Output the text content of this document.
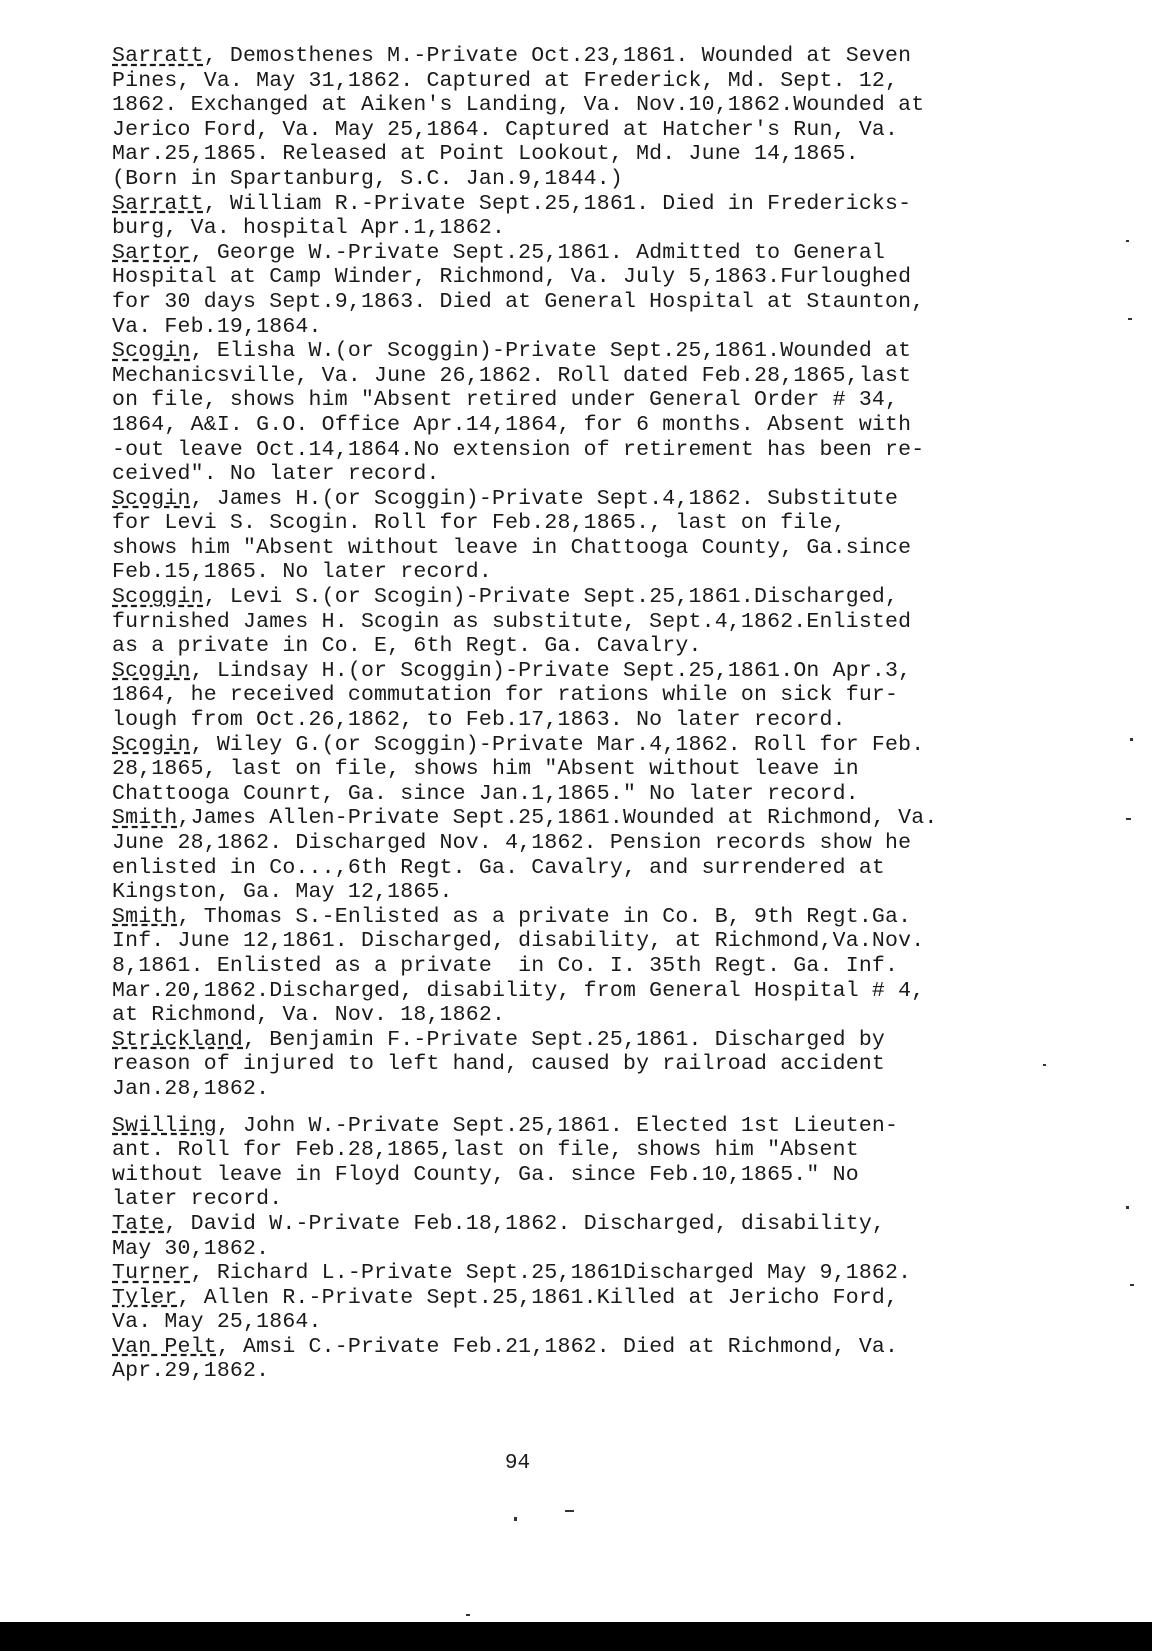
Sarratt, Demosthenes M.-Private Oct.23,1861. Wounded at Seven
Pines, Va. May 31,1862. Captured at Frederick, Md. Sept. 12,
1862. Exchanged at Aiken's Landing, Va. Nov.10,1862.Wounded at
Jerico Ford, Va. May 25,1864. Captured at Hatcher's Run, Va.
Mar.25,1865. Released at Point Lookout, Md. June 14,1865.
(Born in Spartanburg, S.C. Jan.9,1844.)
Sarratt, William R.-Private Sept.25,1861. Died in Fredericks-
burg, Va. hospital Apr.1,1862.
Sartor, George W.-Private Sept.25,1861. Admitted to General
Hospital at Camp Winder, Richmond, Va. July 5,1863.Furloughed
for 30 days Sept.9,1863. Died at General Hospital at Staunton,
Va. Feb.19,1864.
Scogin, Elisha W.(or Scoggin)-Private Sept.25,1861.Wounded at
Mechanicsville, Va. June 26,1862. Roll dated Feb.28,1865,last
on file, shows him "Absent retired under General Order # 34,
1864, A&I. G.O. Office Apr.14,1864, for 6 months. Absent with
-out leave Oct.14,1864.No extension of retirement has been re-
ceived". No later record.
Scogin, James H.(or Scoggin)-Private Sept.4,1862. Substitute
for Levi S. Scogin. Roll for Feb.28,1865., last on file,
shows him "Absent without leave in Chattooga County, Ga.since
Feb.15,1865. No later record.
Scoggin, Levi S.(or Scogin)-Private Sept.25,1861.Discharged,
furnished James H. Scogin as substitute, Sept.4,1862.Enlisted
as a private in Co. E, 6th Regt. Ga. Cavalry.
Scogin, Lindsay H.(or Scoggin)-Private Sept.25,1861.On Apr.3,
1864, he received commutation for rations while on sick fur-
lough from Oct.26,1862, to Feb.17,1863. No later record.
Scogin, Wiley G.(or Scoggin)-Private Mar.4,1862. Roll for Feb.
28,1865, last on file, shows him "Absent without leave in
Chattooga Counrt, Ga. since Jan.1,1865." No later record.
Smith,James Allen-Private Sept.25,1861.Wounded at Richmond, Va.
June 28,1862. Discharged Nov. 4,1862. Pension records show he
enlisted in Co...,6th Regt. Ga. Cavalry, and surrendered at
Kingston, Ga. May 12,1865.
Smith, Thomas S.-Enlisted as a private in Co. B, 9th Regt.Ga.
Inf. June 12,1861. Discharged, disability, at Richmond,Va.Nov.
8,1861. Enlisted as a private  in Co. I. 35th Regt. Ga. Inf.
Mar.20,1862.Discharged, disability, from General Hospital # 4,
at Richmond, Va. Nov. 18,1862.
Strickland, Benjamin F.-Private Sept.25,1861. Discharged by
reason of injured to left hand, caused by railroad accident
Jan.28,1862.
Swilling, John W.-Private Sept.25,1861. Elected 1st Lieuten-
ant. Roll for Feb.28,1865,last on file, shows him "Absent
without leave in Floyd County, Ga. since Feb.10,1865." No
later record.
Tate, David W.-Private Feb.18,1862. Discharged, disability,
May 30,1862.
Turner, Richard L.-Private Sept.25,1861Discharged May 9,1862.
Tyler, Allen R.-Private Sept.25,1861.Killed at Jericho Ford,
Va. May 25,1864.
Van Pelt, Amsi C.-Private Feb.21,1862. Died at Richmond, Va.
Apr.29,1862.
94
